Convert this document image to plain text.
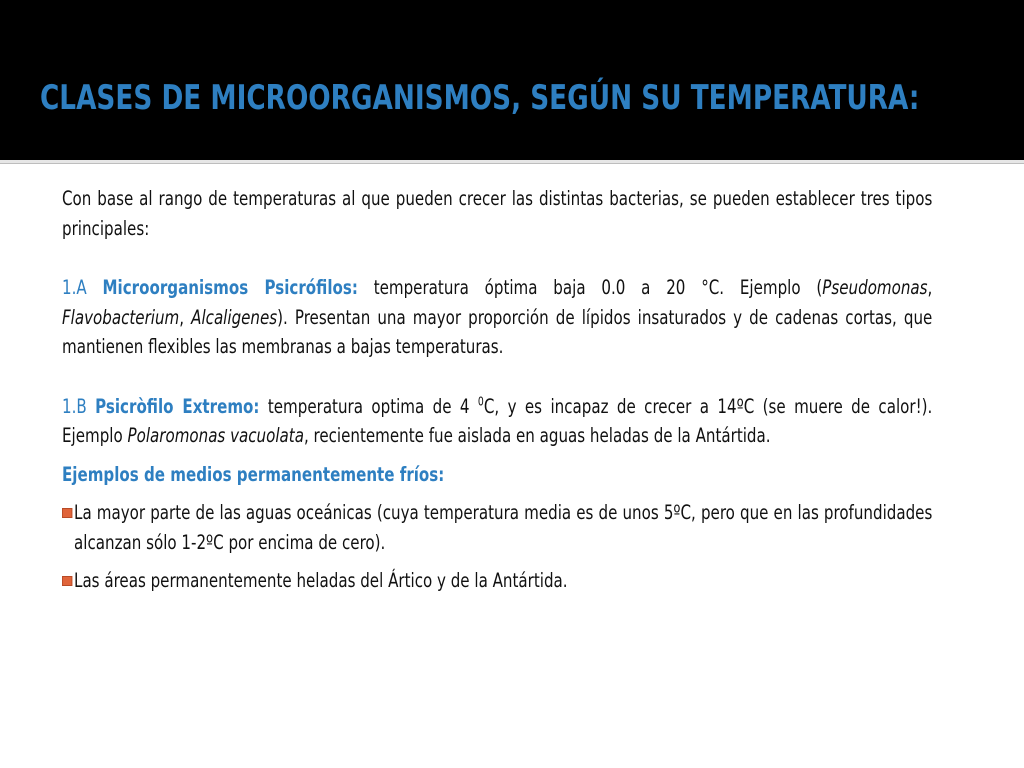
CLASES DE MICROORGANISMOS, SEGÚN SU TEMPERATURA:

Con base al rango de temperaturas al que pueden crecer las distintas bacterias, se pueden establecer tres tipos principales:

1.A Microorganismos Psicrófilos: temperatura óptima baja 0.0 a 20 °C. Ejemplo (Pseudomonas, Flavobacterium, Alcaligenes). Presentan una mayor proporción de lípidos insaturados y de cadenas cortas, que mantienen flexibles las membranas a bajas temperaturas.

1.B Psicròfilo Extremo: temperatura optima de 4 $^0$C, y es incapaz de crecer a 14ºC (se muere de calor!). Ejemplo Polaromonas vacuolata, recientemente fue aislada en aguas heladas de la Antártida.

Ejemplos de medios permanentemente fríos:

La mayor parte de las aguas oceánicas (cuya temperatura media es de unos 5ºC, pero que en las profundidades alcanzan sólo 1-2ºC por encima de cero).
Las áreas permanentemente heladas del Ártico y de la Antártida.
